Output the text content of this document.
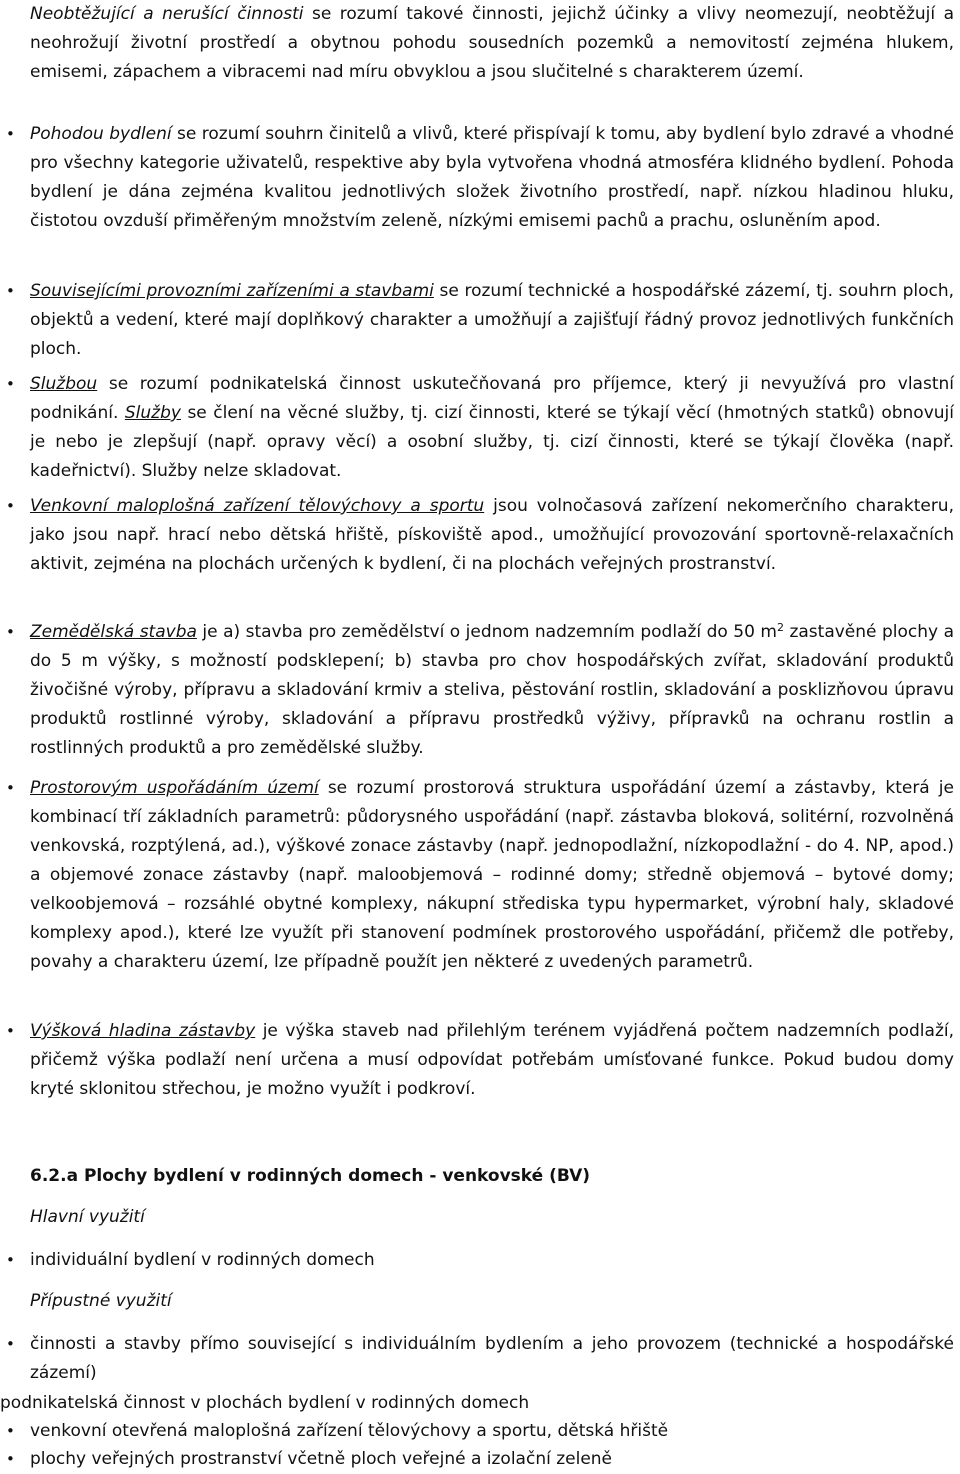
Neobtěžující a nerušící činnosti se rozumí takové činnosti, jejichž účinky a vlivy neomezují, neobtěžují a neohrožují životní prostředí a obytnou pohodu sousedních pozemků a nemovitostí zejména hlukem, emisemi, zápachem a vibracemi nad míru obvyklou a jsou slučitelné s charakterem území.
• Pohodou bydlení se rozumí souhrn činitelů a vlivů, které přispívají k tomu, aby bydlení bylo zdravé a vhodné pro všechny kategorie uživatelů, respektive aby byla vytvořena vhodná atmosféra klidného bydlení. Pohoda bydlení je dána zejména kvalitou jednotlivých složek životního prostředí, např. nízkou hladinou hluku, čistotou ovzduší přiměřeným množstvím zeleně, nízkými emisemi pachů a prachu, osluněním apod.
• Souvisejícími provozními zařízeními a stavbami se rozumí technické a hospodářské zázemí, tj. souhrn ploch, objektů a vedení, které mají doplňkový charakter a umožňují a zajišťují řádný provoz jednotlivých funkčních ploch.
• Službou se rozumí podnikatelská činnost uskutečňovaná pro příjemce, který ji nevyužívá pro vlastní podnikání. Služby se člení na věcné služby, tj. cizí činnosti, které se týkají věcí (hmotných statků) obnovují je nebo je zlepšují (např. opravy věcí) a osobní služby, tj. cizí činnosti, které se týkají člověka (např. kadeřnictví). Služby nelze skladovat.
• Venkovní maloplošná zařízení tělovýchovy a sportu jsou volnočasová zařízení nekomerčního charakteru, jako jsou např. hrací nebo dětská hřiště, pískoviště apod., umožňující provozování sportovně-relaxačních aktivit, zejména na plochách určených k bydlení, či na plochách veřejných prostranství.
• Zemědělská stavba je a) stavba pro zemědělství o jednom nadzemním podlaží do 50 $m^2$ zastavěné plochy a do 5 m výšky, s možností podsklepení; b) stavba pro chov hospodářských zvířat, skladování produktů živočišné výroby, přípravu a skladování krmiv a steliva, pěstování rostlin, skladování a posklizňovou úpravu produktů rostlinné výroby, skladování a přípravu prostředků výživy, přípravků na ochranu rostlin a rostlinných produktů a pro zemědělské služby.
• Prostorovým uspořádáním území se rozumí prostorová struktura uspořádání území a zástavby, která je kombinací tří základních parametrů: půdorysného uspořádání (např. zástavba bloková, solitérní, rozvolněná venkovská, rozptýlená, ad.), výškové zonace zástavby (např. jednopodlažní, nízkopodlažní - do 4. NP, apod.) a objemové zonace zástavby (např. maloobjemová – rodinné domy; středně objemová – bytové domy; velkoobjemová – rozsáhlé obytné komplexy, nákupní střediska typu hypermarket, výrobní haly, skladové komplexy apod.), které lze využít při stanovení podmínek prostorového uspořádání, přičemž dle potřeby, povahy a charakteru území, lze případně použít jen některé z uvedených parametrů.
• Výšková hladina zástavby je výška staveb nad přilehlým terénem vyjádřená počtem nadzemních podlaží, přičemž výška podlaží není určena a musí odpovídat potřebám umísťované funkce. Pokud budou domy kryté sklonitou střechou, je možno využít i podkroví.
6.2.a Plochy bydlení v rodinných domech - venkovské (BV)
Hlavní využití
• individuální bydlení v rodinných domech
Přípustné využití
• činnosti a stavby přímo související s individuálním bydlením a jeho provozem (technické a hospodářské zázemí)
podnikatelská činnost v plochách bydlení v rodinných domech
• venkovní otevřená maloplošná zařízení tělovýchovy a sportu, dětská hřiště
• plochy veřejných prostranství včetně ploch veřejné a izolační zeleně
